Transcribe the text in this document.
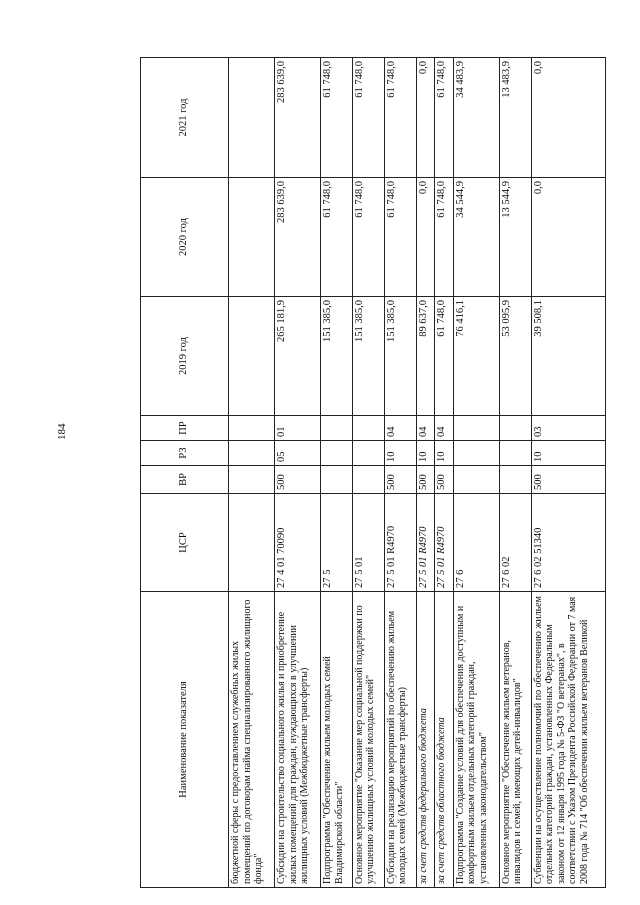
184
Наименование показателя	ЦСР	ВР	РЗ	ПР	2019 год	2020 год	2021 год
бюджетной сферы с предоставлением служебных жилых помещений по договорам найма специализированного жилищного фонда"							
Субсидии на строительство социального жилья и приобретение жилых помещений для граждан, нуждающихся в улучшении жилищных условий (Межбюджетные трансферты)	27 4 01 70090	500	05	01	265 181,9	283 639,0	283 639,0
Подпрограмма "Обеспечение жильем молодых семей Владимирской области"	27 5				151 385,0	61 748,0	61 748,0
Основное мероприятие "Оказание мер социальной поддержки по улучшению жилищных условий молодых семей"	27 5 01				151 385,0	61 748,0	61 748,0
Субсидии на реализацию мероприятий по обеспечению жильем молодых семей (Межбюджетные трансферты)	27 5 01 R4970	500	10	04	151 385,0	61 748,0	61 748,0
за счет средств федерального бюджета	27 5 01 R4970	500	10	04	89 637,0	0,0	0,0
за счет средств областного бюджета	27 5 01 R4970	500	10	04	61 748,0	61 748,0	61 748,0
Подпрограмма "Создание условий для обеспечения доступным и комфортным жильем отдельных категорий граждан, установленных законодательством"	27 6				76 416,1	34 544,9	34 483,9
Основное мероприятие "Обеспечение жильем ветеранов, инвалидов и семей, имеющих детей-инвалидов"	27 6 02				53 095,9	13 544,9	13 483,9
Субвенции на осуществление полномочий по обеспечению жильем отдельных категорий граждан, установленных Федеральным законом от 12 января 1995 года № 5-ФЗ "О ветеранах", в соответствии с Указом Президента Российской Федерации от 7 мая 2008 года № 714 "Об обеспечении жильем ветеранов Великой	27 6 02 51340	500	10	03	39 508,1	0,0	0,0
